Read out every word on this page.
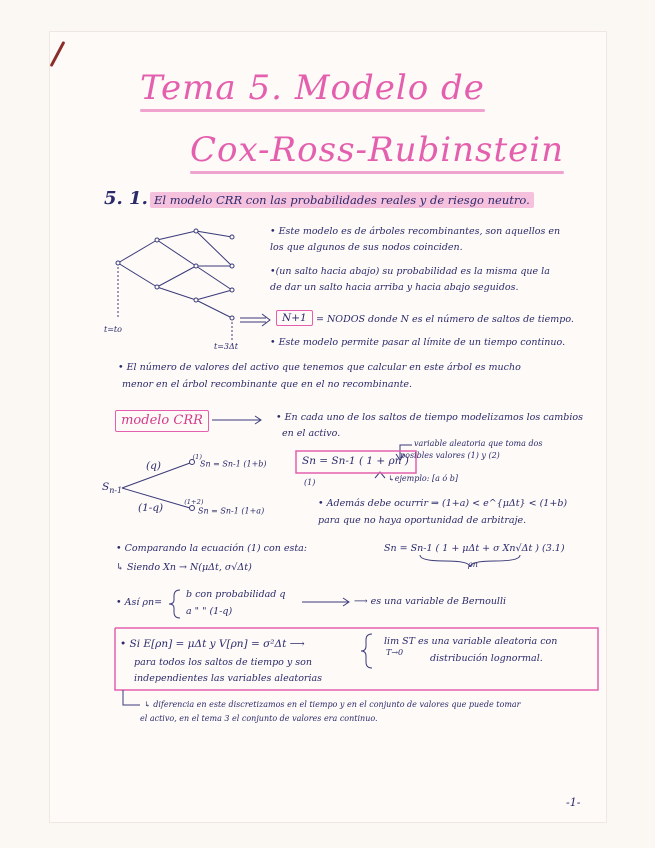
Tema 5. Modelo de
Cox-Ross-Rubinstein
5. 1. El modelo CRR con las probabilidades reales y de riesgo neutro.
t=to
t=3Δt
• Este modelo es de árboles recombinantes, son aquellos en
los que algunos de sus nodos coinciden.
•(un salto hacia abajo) su probabilidad es la misma que la
de dar un salto hacia arriba y hacia abajo seguidos.
N+1 = NODOS donde N es el número de saltos de tiempo.
• Este modelo permite pasar al límite de un tiempo continuo.
• El número de valores del activo que tenemos que calcular en este árbol es mucho
menor en el árbol recombinante que en el no recombinante.
modelo CRR	• En cada uno de los saltos de tiempo modelizamos los cambios
en el activo.
variable aleatoria que toma dos
posibles valores (1) y (2)
Sn = Sn-1 ( 1 + ρn )
(1)	↳ejemplo: [a ó b]
(q)
(1-q)
$S_{n-1}$
Sn = Sn-1 $(1+b)^{(1)}$
Sn = Sn-1 $(1+a)^{(1+2)}$	• Además debe ocurrir ⇒ (1+a) < e^{μΔt} < (1+b)
para que no haya oportunidad de arbitraje.
• Comparando la ecuación (1) con esta:	Sn = Sn-1 ( 1 + μΔt + σ Xn√Δt ) (3.1)
ρn
↳ Siendo Xn → N(μΔt, σ√Δt)
• Así ρn=
b con probabilidad q
a " " (1-q)
⟶ es una variable de Bernoulli
• Si E[ρn] = μΔt y V[ρn] = σ²Δt ⟶
para todos los saltos de tiempo y son
independientes las variables aleatorias
lim ST es una variable aleatoria con
T→0
distribución lognormal.
↳ diferencia en este discretizamos en el tiempo y en el conjunto de valores que puede tomar
el activo, en el tema 3 el conjunto de valores era continuo.
-1-
